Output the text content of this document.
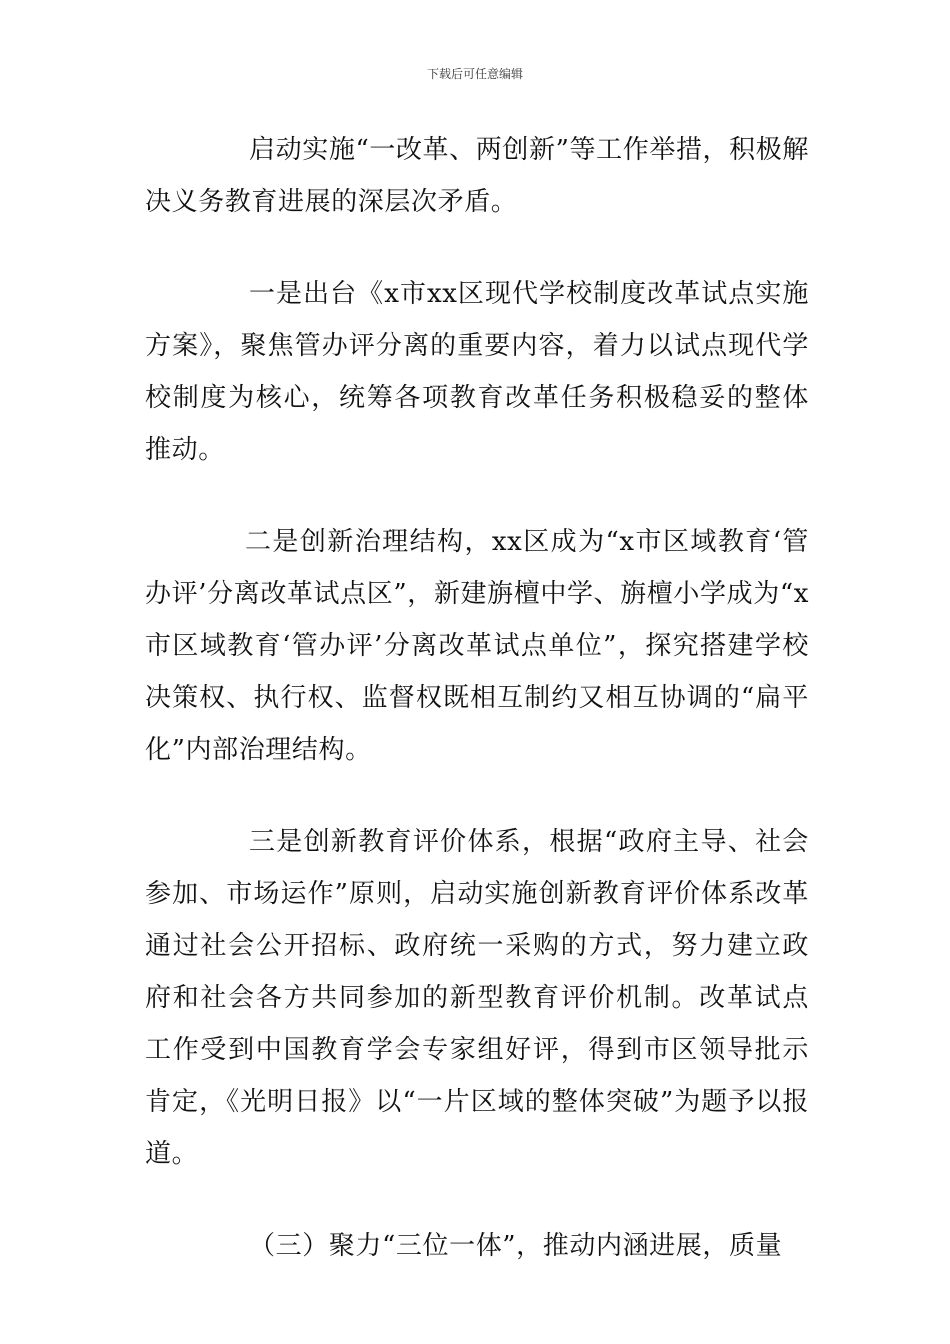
下载后可任意编辑

启动实施“一改革、两创新”等工作举措，积极解决义务教育进展的深层次矛盾。

一是出台《x市xx区现代学校制度改革试点实施方案》，聚焦管办评分离的重要内容，着力以试点现代学校制度为核心，统筹各项教育改革任务积极稳妥的整体推动。

二是创新治理结构，xx区成为“x市区域教育‘管办评’分离改革试点区”，新建旃檀中学、旃檀小学成为“x市区域教育‘管办评’分离改革试点单位”，探究搭建学校决策权、执行权、监督权既相互制约又相互协调的“扁平化”内部治理结构。

三是创新教育评价体系，根据“政府主导、社会参加、市场运作”原则，启动实施创新教育评价体系改革通过社会公开招标、政府统一采购的方式，努力建立政府和社会各方共同参加的新型教育评价机制。改革试点工作受到中国教育学会专家组好评，得到市区领导批示肯定，《光明日报》以“一片区域的整体突破”为题予以报道。

（三）聚力“三位一体”，推动内涵进展，质量
